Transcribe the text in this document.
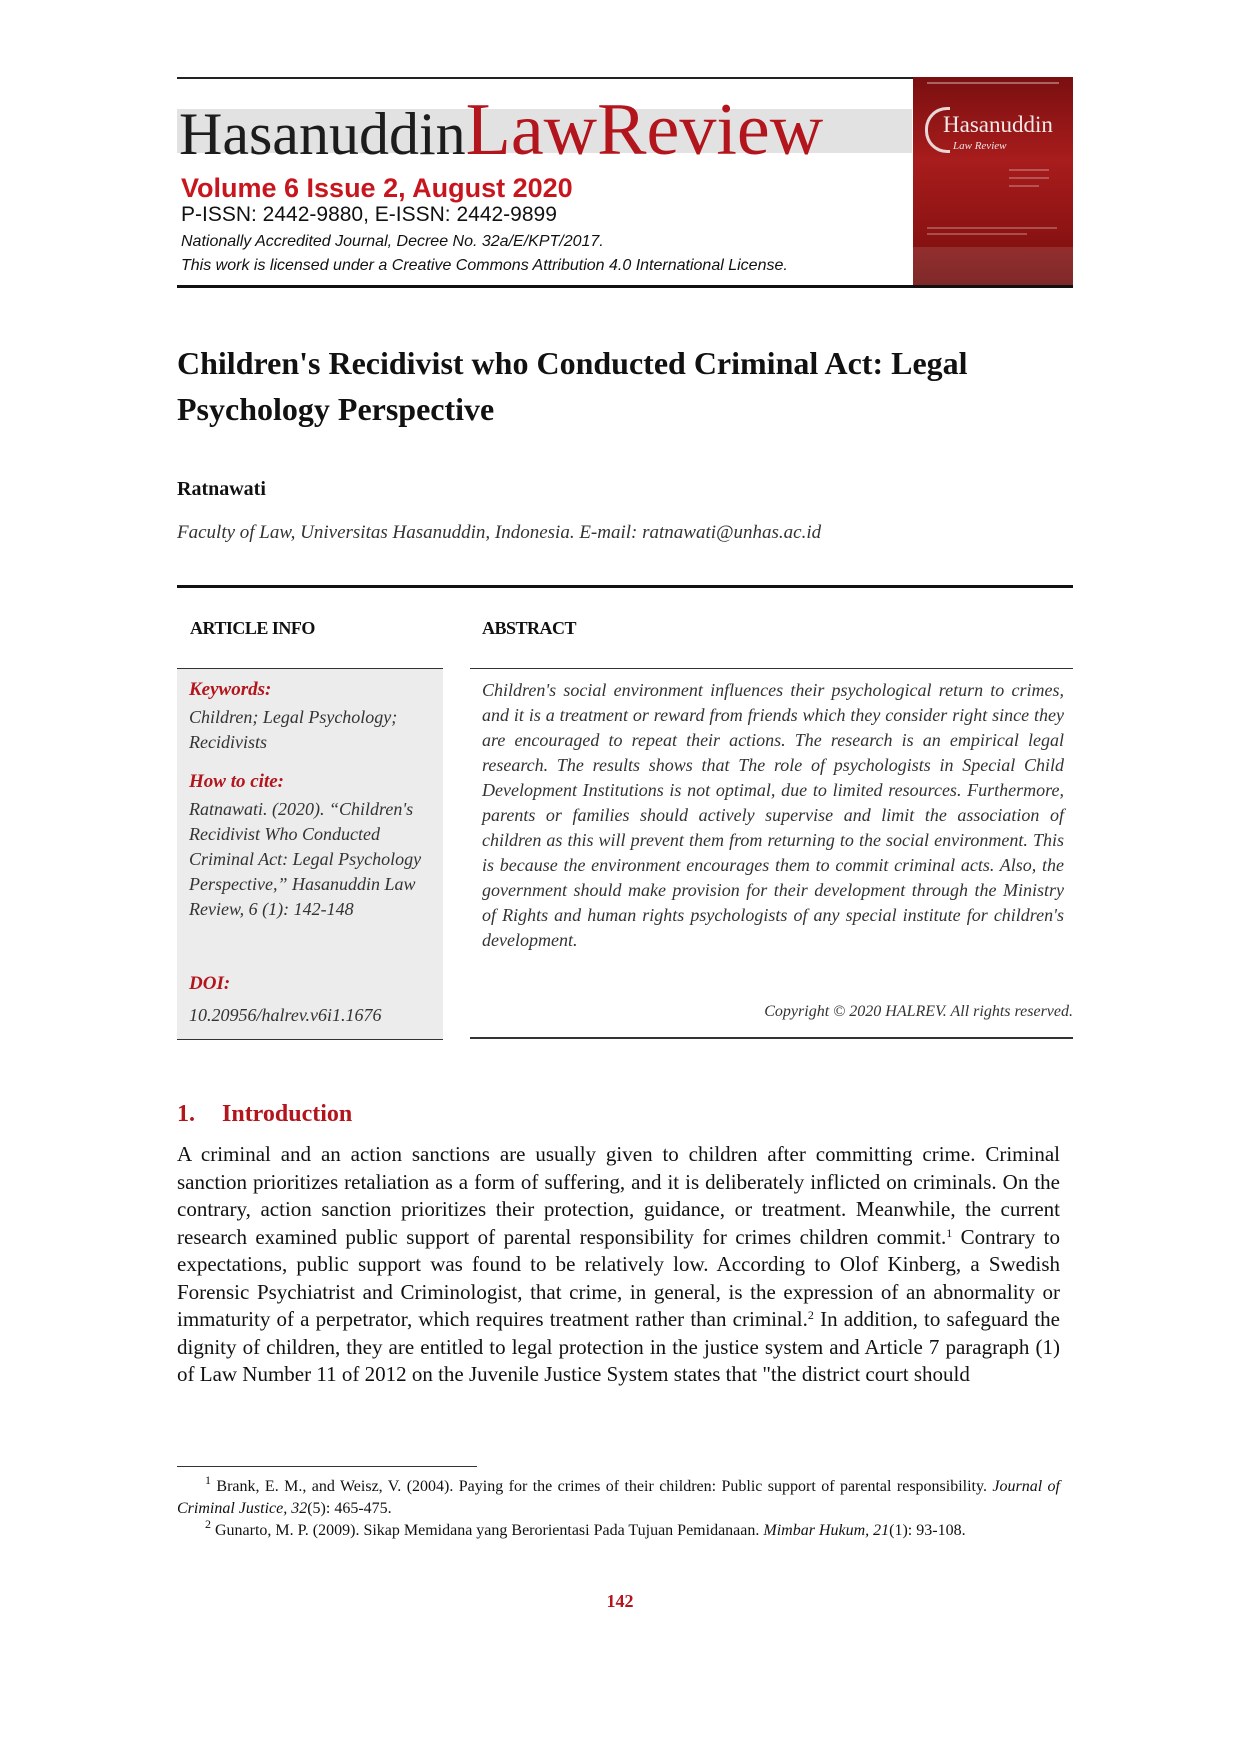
HasanuddinLawReview
Volume 6 Issue 2, August 2020
P-ISSN: 2442-9880, E-ISSN: 2442-9899
Nationally Accredited Journal, Decree No. 32a/E/KPT/2017.
This work is licensed under a Creative Commons Attribution 4.0 International License.
Hasanuddin
Law Review
Children's Recidivist who Conducted Criminal Act: Legal Psychology Perspective
Ratnawati
Faculty of Law, Universitas Hasanuddin, Indonesia. E-mail: ratnawati@unhas.ac.id
ARTICLE INFO	ABSTRACT
Keywords:
Children; Legal Psychology; Recidivists
How to cite:
Ratnawati. (2020). “Children's Recidivist Who Conducted Criminal Act: Legal Psychology Perspective,” Hasanuddin Law Review, 6 (1): 142-148
DOI:
10.20956/halrev.v6i1.1676
Children's social environment influences their psychological return to crimes, and it is a treatment or reward from friends which they consider right since they are encouraged to repeat their actions. The research is an empirical legal research. The results shows that The role of psychologists in Special Child Development Institutions is not optimal, due to limited resources. Furthermore, parents or families should actively supervise and limit the association of children as this will prevent them from returning to the social environment. This is because the environment encourages them to commit criminal acts. Also, the government should make provision for their development through the Ministry of Rights and human rights psychologists of any special institute for children's development.
Copyright © 2020 HALREV. All rights reserved.
1. Introduction
A criminal and an action sanctions are usually given to children after committing crime. Criminal sanction prioritizes retaliation as a form of suffering, and it is deliberately inflicted on criminals. On the contrary, action sanction prioritizes their protection, guidance, or treatment. Meanwhile, the current research examined public support of parental responsibility for crimes children commit.$^1$ Contrary to expectations, public support was found to be relatively low. According to Olof Kinberg, a Swedish Forensic Psychiatrist and Criminologist, that crime, in general, is the expression of an abnormality or immaturity of a perpetrator, which requires treatment rather than criminal.$^2$ In addition, to safeguard the dignity of children, they are entitled to legal protection in the justice system and Article 7 paragraph (1) of Law Number 11 of 2012 on the Juvenile Justice System states that "the district court should
$^1$ Brank, E. M., and Weisz, V. (2004). Paying for the crimes of their children: Public support of parental responsibility. Journal of Criminal Justice, 32(5): 465-475.
$^2$ Gunarto, M. P. (2009). Sikap Memidana yang Berorientasi Pada Tujuan Pemidanaan. Mimbar Hukum, 21(1): 93-108.
142
